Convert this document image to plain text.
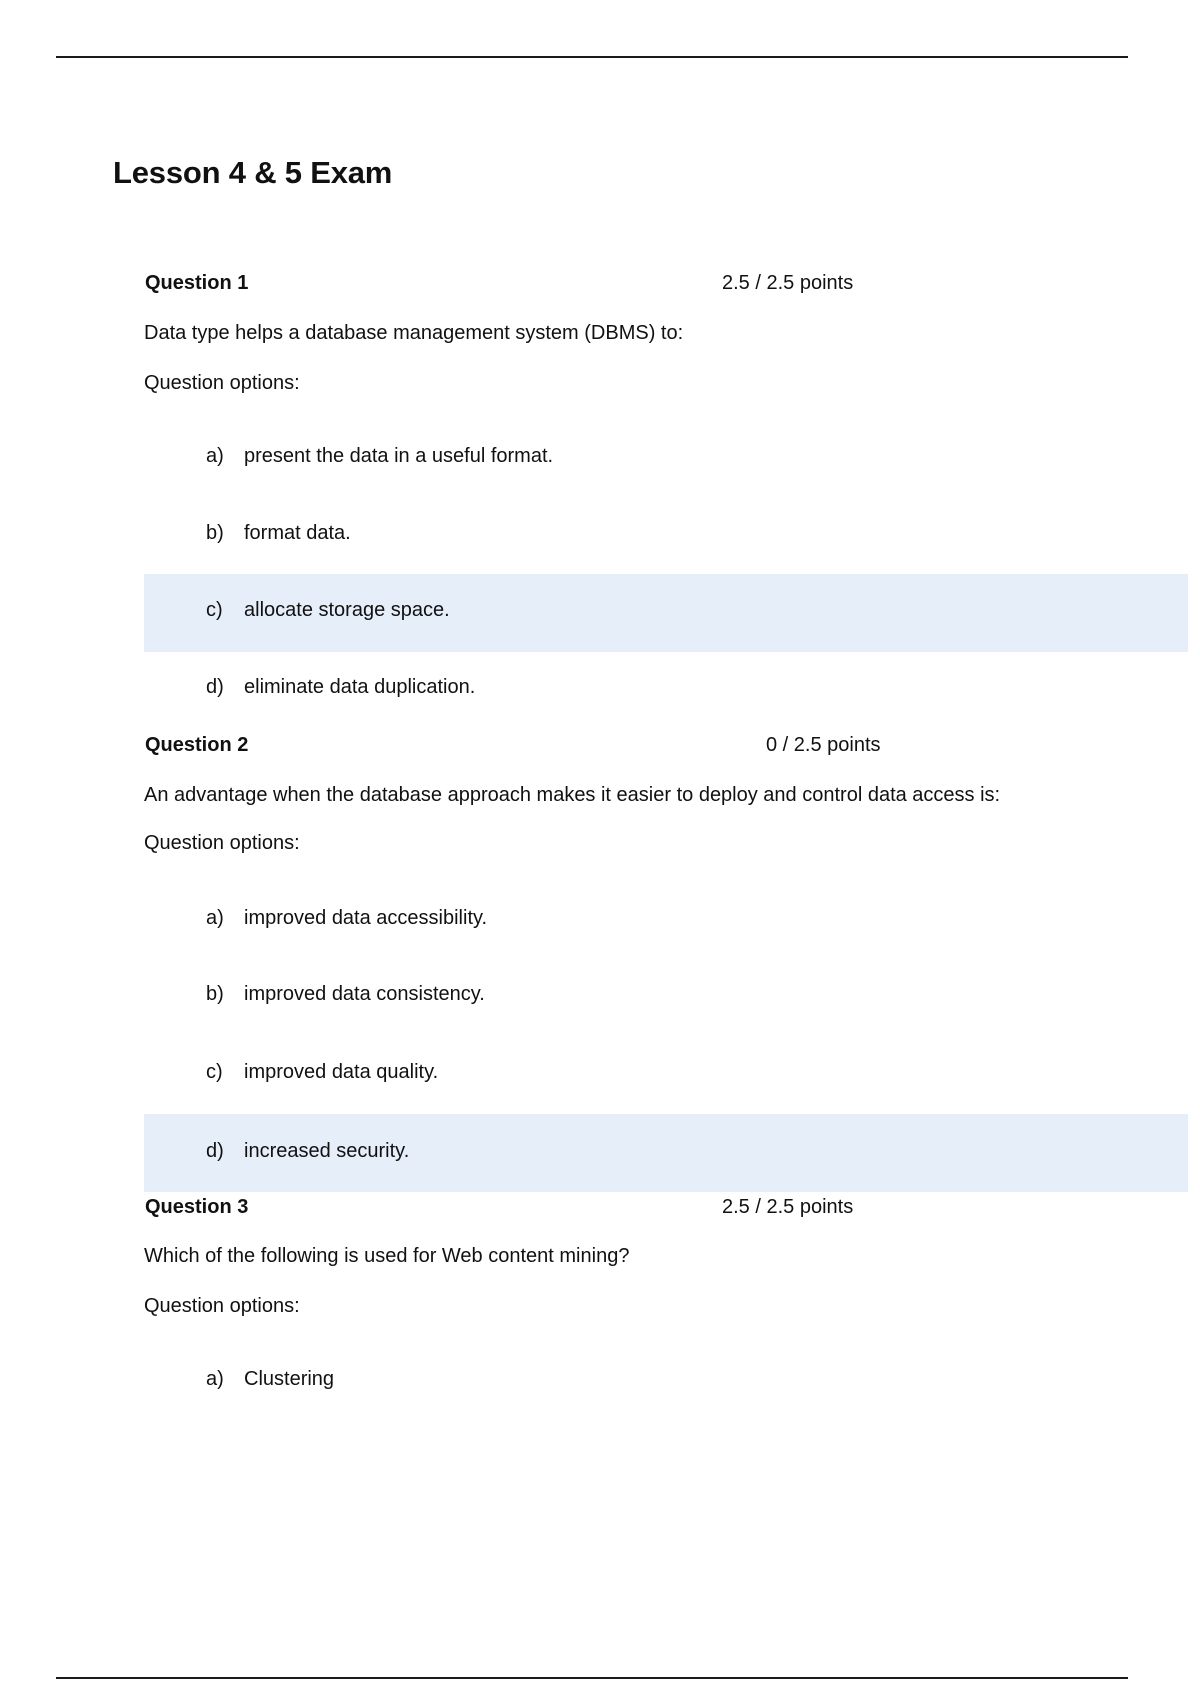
Lesson 4 & 5 Exam
Question 1	2.5 / 2.5 points
Data type helps a database management system (DBMS) to:
Question options:
a)	present the data in a useful format.
b)	format data.
c)	allocate storage space.
d)	eliminate data duplication.
Question 2	0 / 2.5 points
An advantage when the database approach makes it easier to deploy and control data access is:
Question options:
a)	improved data accessibility.
b)	improved data consistency.
c)	improved data quality.
d)	increased security.
Question 3	2.5 / 2.5 points
Which of the following is used for Web content mining?
Question options:
a)	Clustering
